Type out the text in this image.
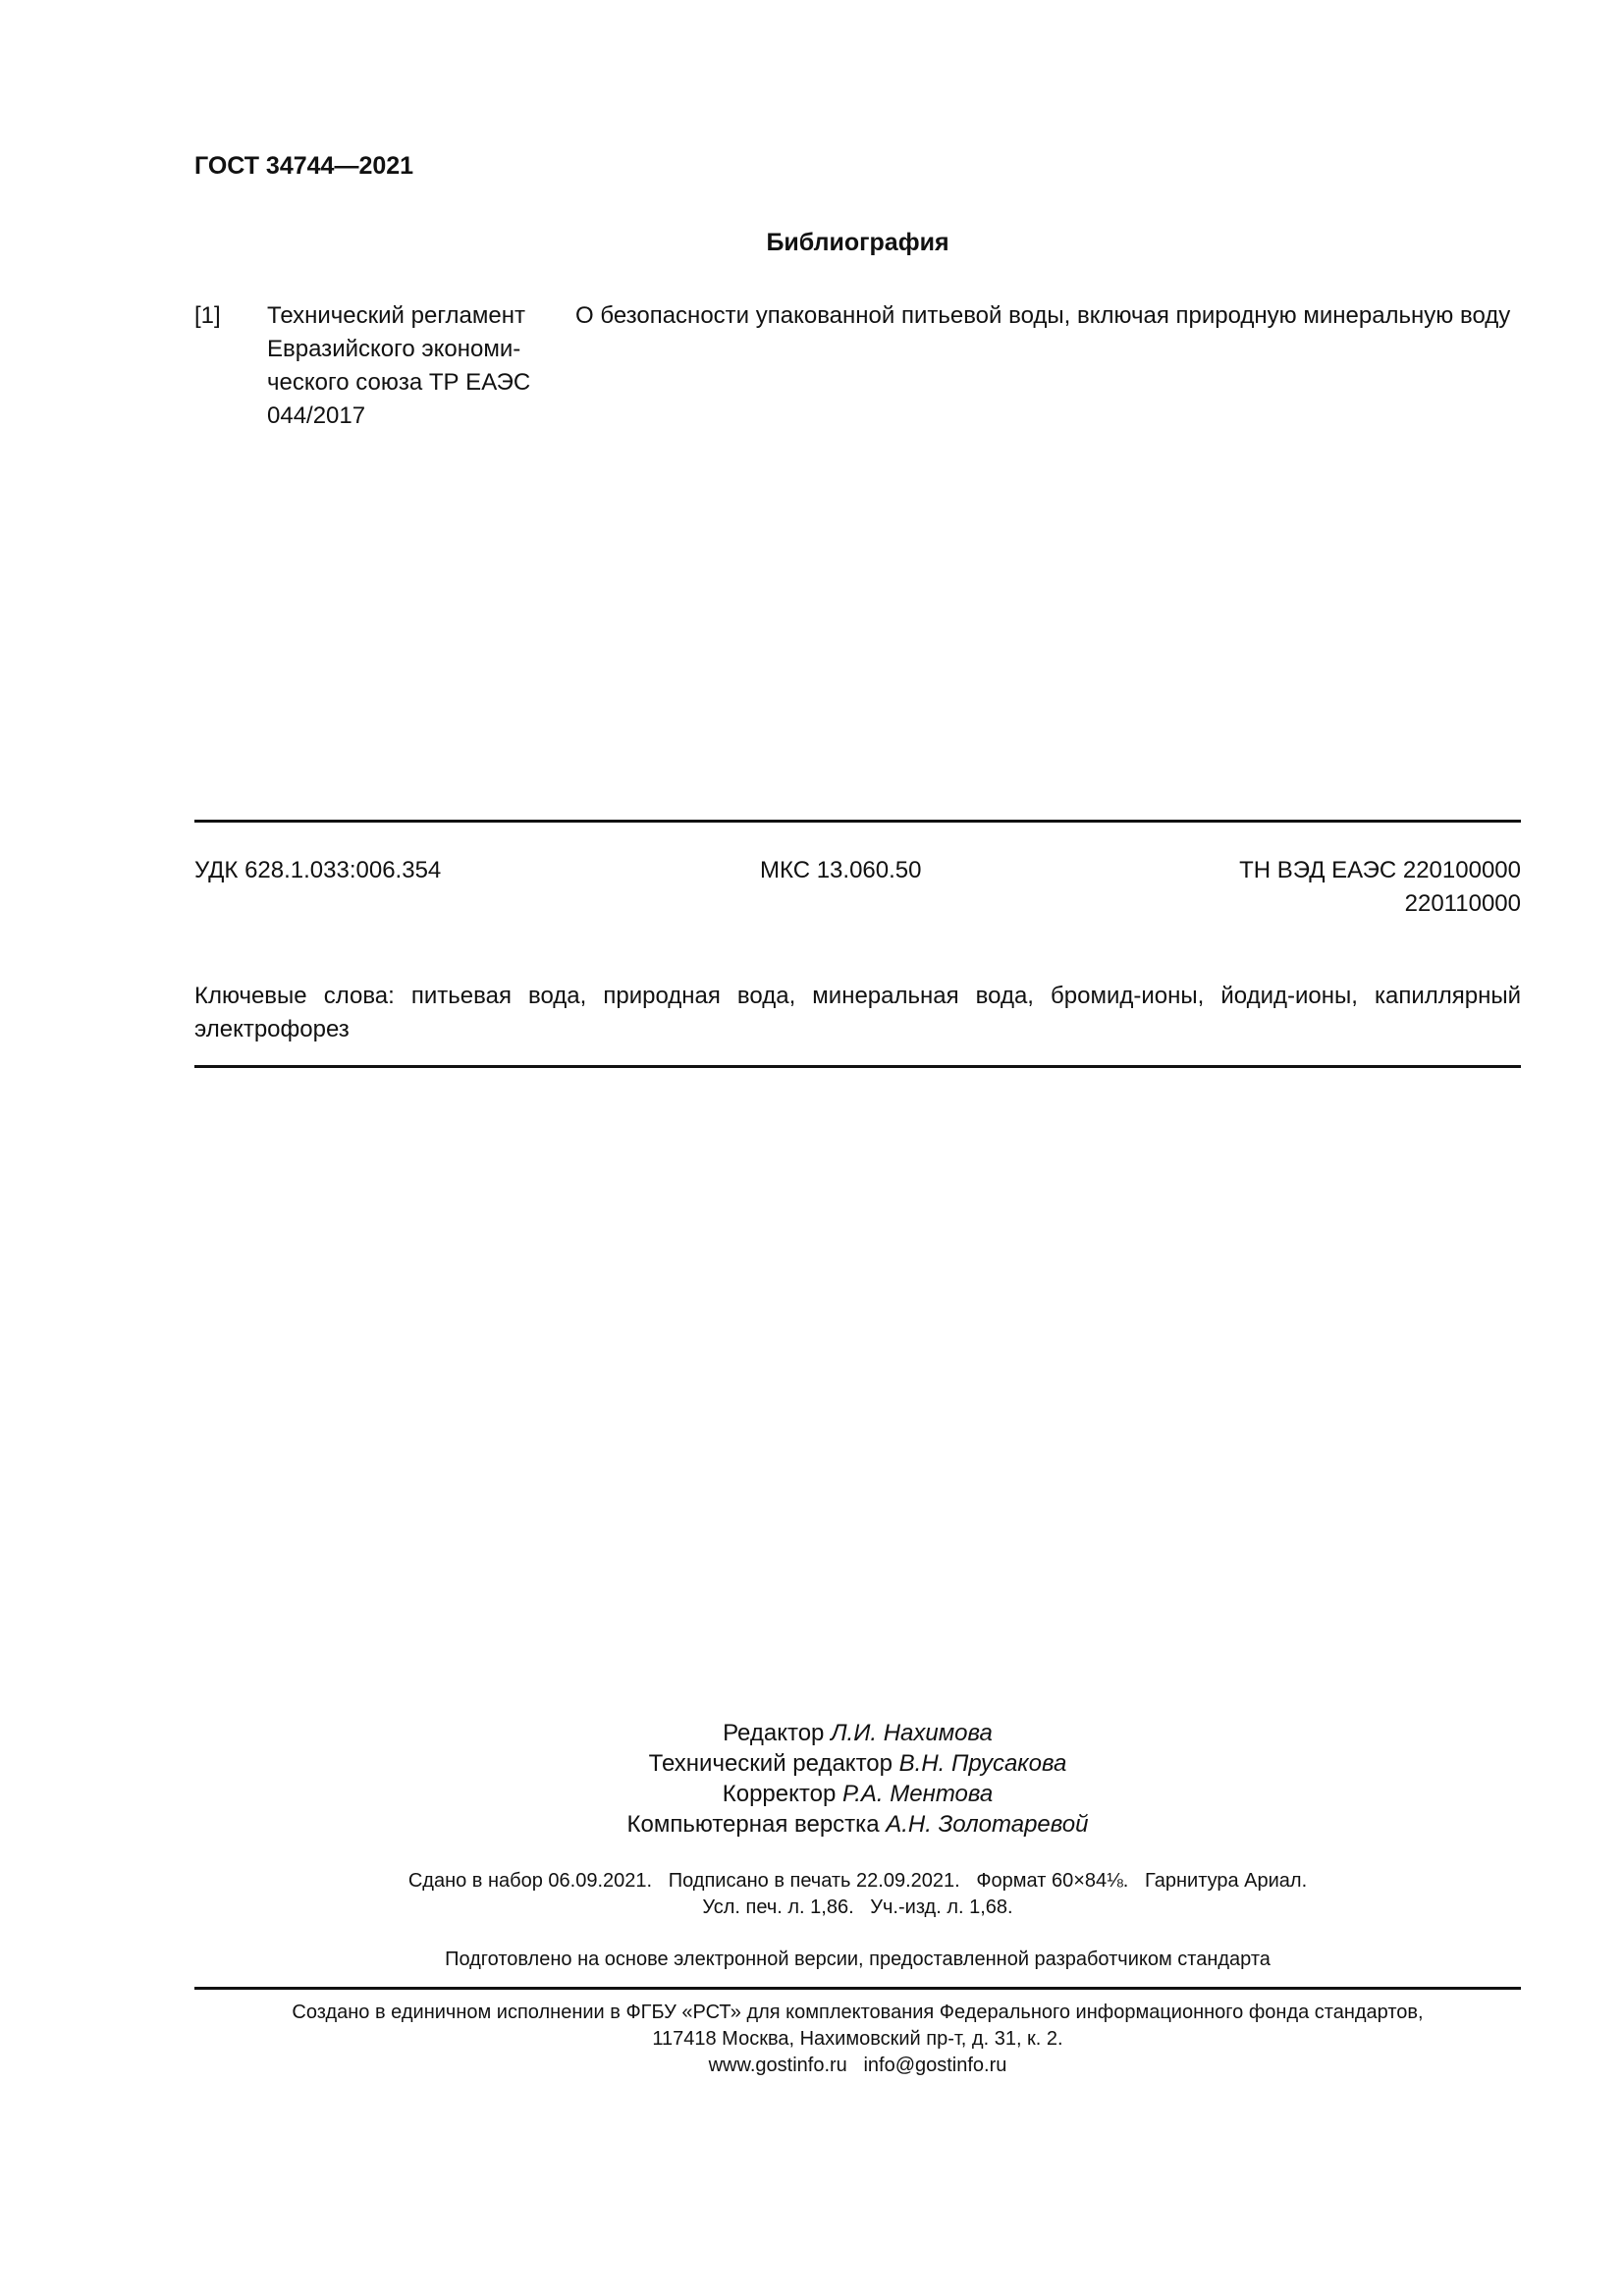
ГОСТ 34744—2021
Библиография
[1] Технический регламент
Евразийского экономи-
ческого союза ТР ЕАЭС
044/2017
О безопасности упакованной питьевой воды, включая природную минеральную воду
УДК 628.1.033:006.354	МКС 13.060.50	ТН ВЭД ЕАЭС 220100000
220110000
Ключевые слова: питьевая вода, природная вода, минеральная вода, бромид-ионы, йодид-ионы, капиллярный электрофорез
Редактор Л.И. Нахимова
Технический редактор В.Н. Прусакова
Корректор Р.А. Ментова
Компьютерная верстка А.Н. Золотаревой
Сдано в набор 06.09.2021.   Подписано в печать 22.09.2021.   Формат 60×84⅛.   Гарнитура Ариал.
Усл. печ. л. 1,86.   Уч.-изд. л. 1,68.
Подготовлено на основе электронной версии, предоставленной разработчиком стандарта
Создано в единичном исполнении в ФГБУ «РСТ» для комплектования Федерального информационного фонда стандартов,
117418 Москва, Нахимовский пр-т, д. 31, к. 2.
www.gostinfo.ru info@gostinfo.ru
